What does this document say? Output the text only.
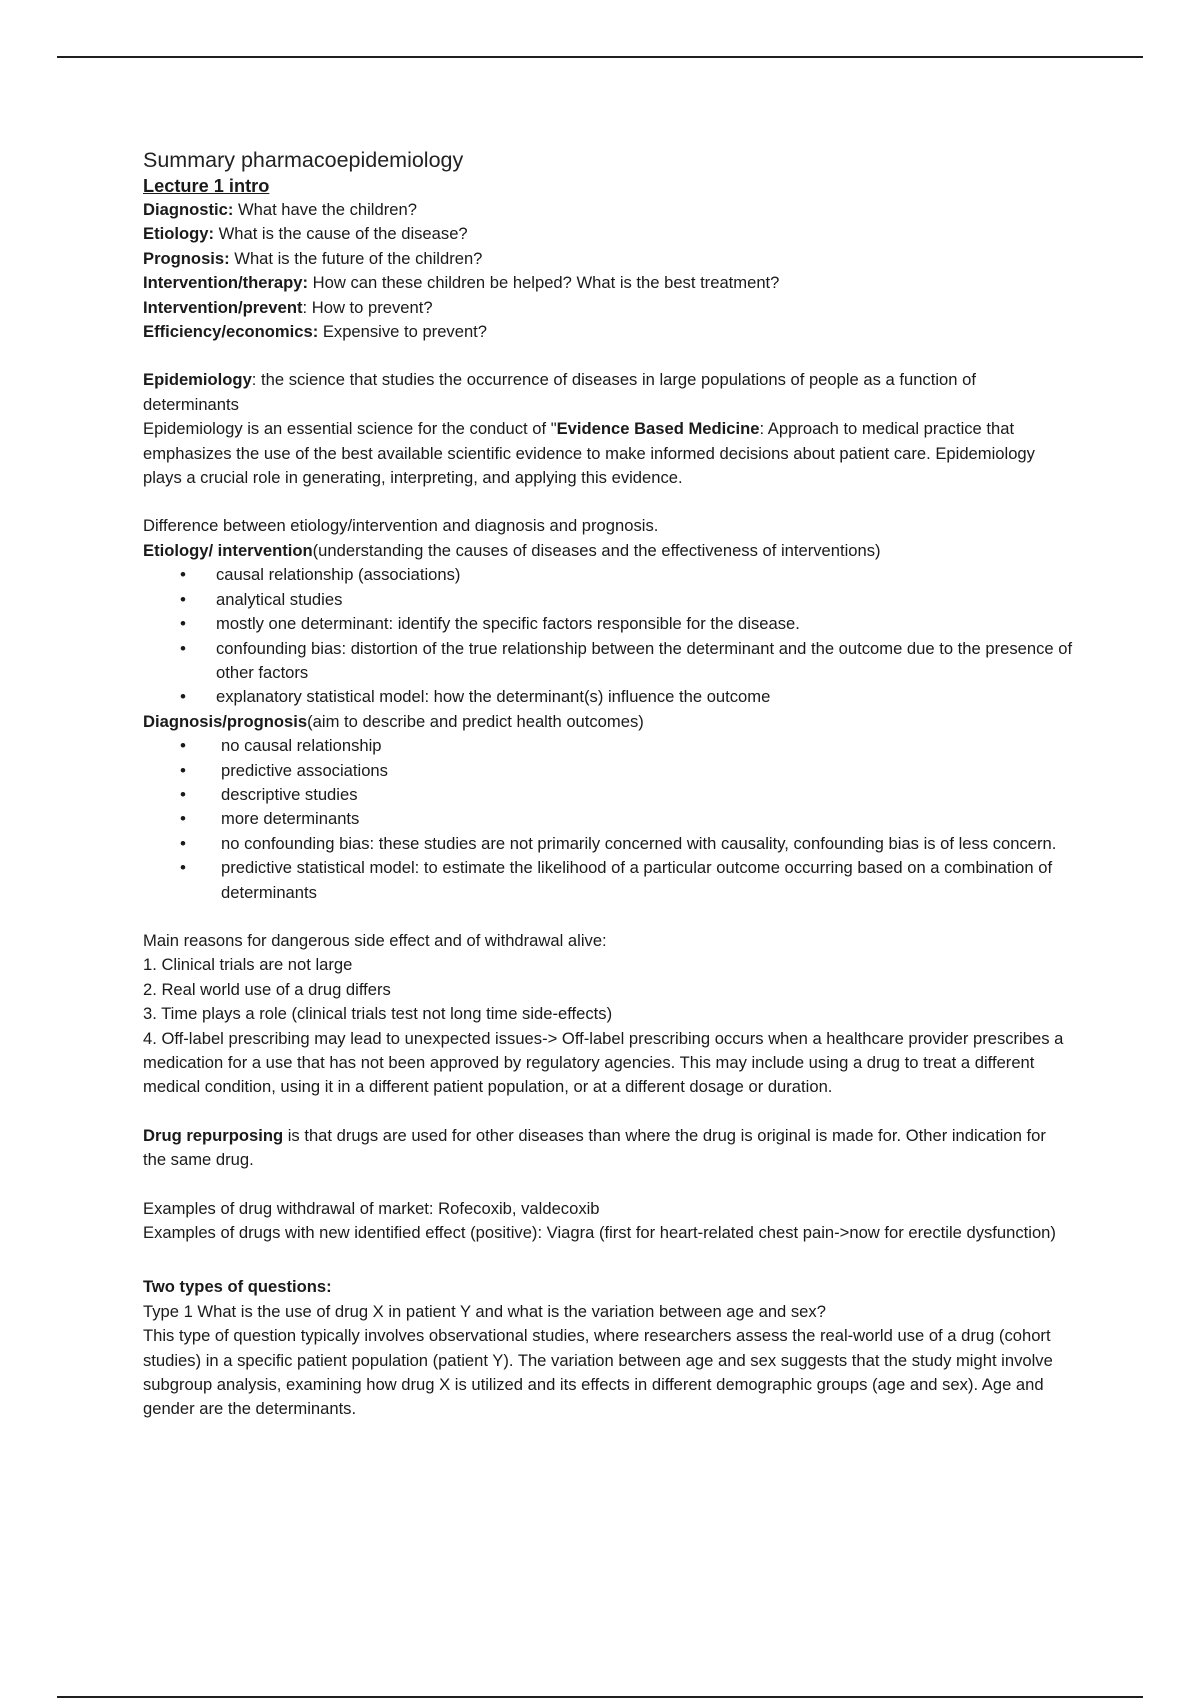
Summary pharmacoepidemiology

Lecture 1 intro

Diagnostic: What have the children?

Etiology: What is the cause of the disease?

Prognosis: What is the future of the children?

Intervention/therapy: How can these children be helped? What is the best treatment?

Intervention/prevent: How to prevent?

Efficiency/economics: Expensive to prevent?

Epidemiology: the science that studies the occurrence of diseases in large populations of people as a function of determinants

Epidemiology is an essential science for the conduct of "Evidence Based Medicine: Approach to medical practice that emphasizes the use of the best available scientific evidence to make informed decisions about patient care. Epidemiology plays a crucial role in generating, interpreting, and applying this evidence.

Difference between etiology/intervention and diagnosis and prognosis.

Etiology/ intervention(understanding the causes of diseases and the effectiveness of interventions)

• causal relationship (associations)
• analytical studies
• mostly one determinant: identify the specific factors responsible for the disease.
• confounding bias: distortion of the true relationship between the determinant and the outcome due to the presence of other factors
• explanatory statistical model: how the determinant(s) influence the outcome

Diagnosis/prognosis(aim to describe and predict health outcomes)

• no causal relationship
• predictive associations
• descriptive studies
• more determinants
• no confounding bias: these studies are not primarily concerned with causality, confounding bias is of less concern.
• predictive statistical model: to estimate the likelihood of a particular outcome occurring based on a combination of determinants

Main reasons for dangerous side effect and of withdrawal alive:

1. Clinical trials are not large

2. Real world use of a drug differs

3. Time plays a role (clinical trials test not long time side-effects)

4. Off-label prescribing may lead to unexpected issues-> Off-label prescribing occurs when a healthcare provider prescribes a medication for a use that has not been approved by regulatory agencies. This may include using a drug to treat a different medical condition, using it in a different patient population, or at a different dosage or duration.

Drug repurposing is that drugs are used for other diseases than where the drug is original is made for. Other indication for the same drug.

Examples of drug withdrawal of market: Rofecoxib, valdecoxib

Examples of drugs with new identified effect (positive): Viagra (first for heart-related chest pain->now for erectile dysfunction)

Two types of questions:

Type 1 What is the use of drug X in patient Y and what is the variation between age and sex?

This type of question typically involves observational studies, where researchers assess the real-world use of a drug (cohort studies) in a specific patient population (patient Y). The variation between age and sex suggests that the study might involve subgroup analysis, examining how drug X is utilized and its effects in different demographic groups (age and sex). Age and gender are the determinants.
